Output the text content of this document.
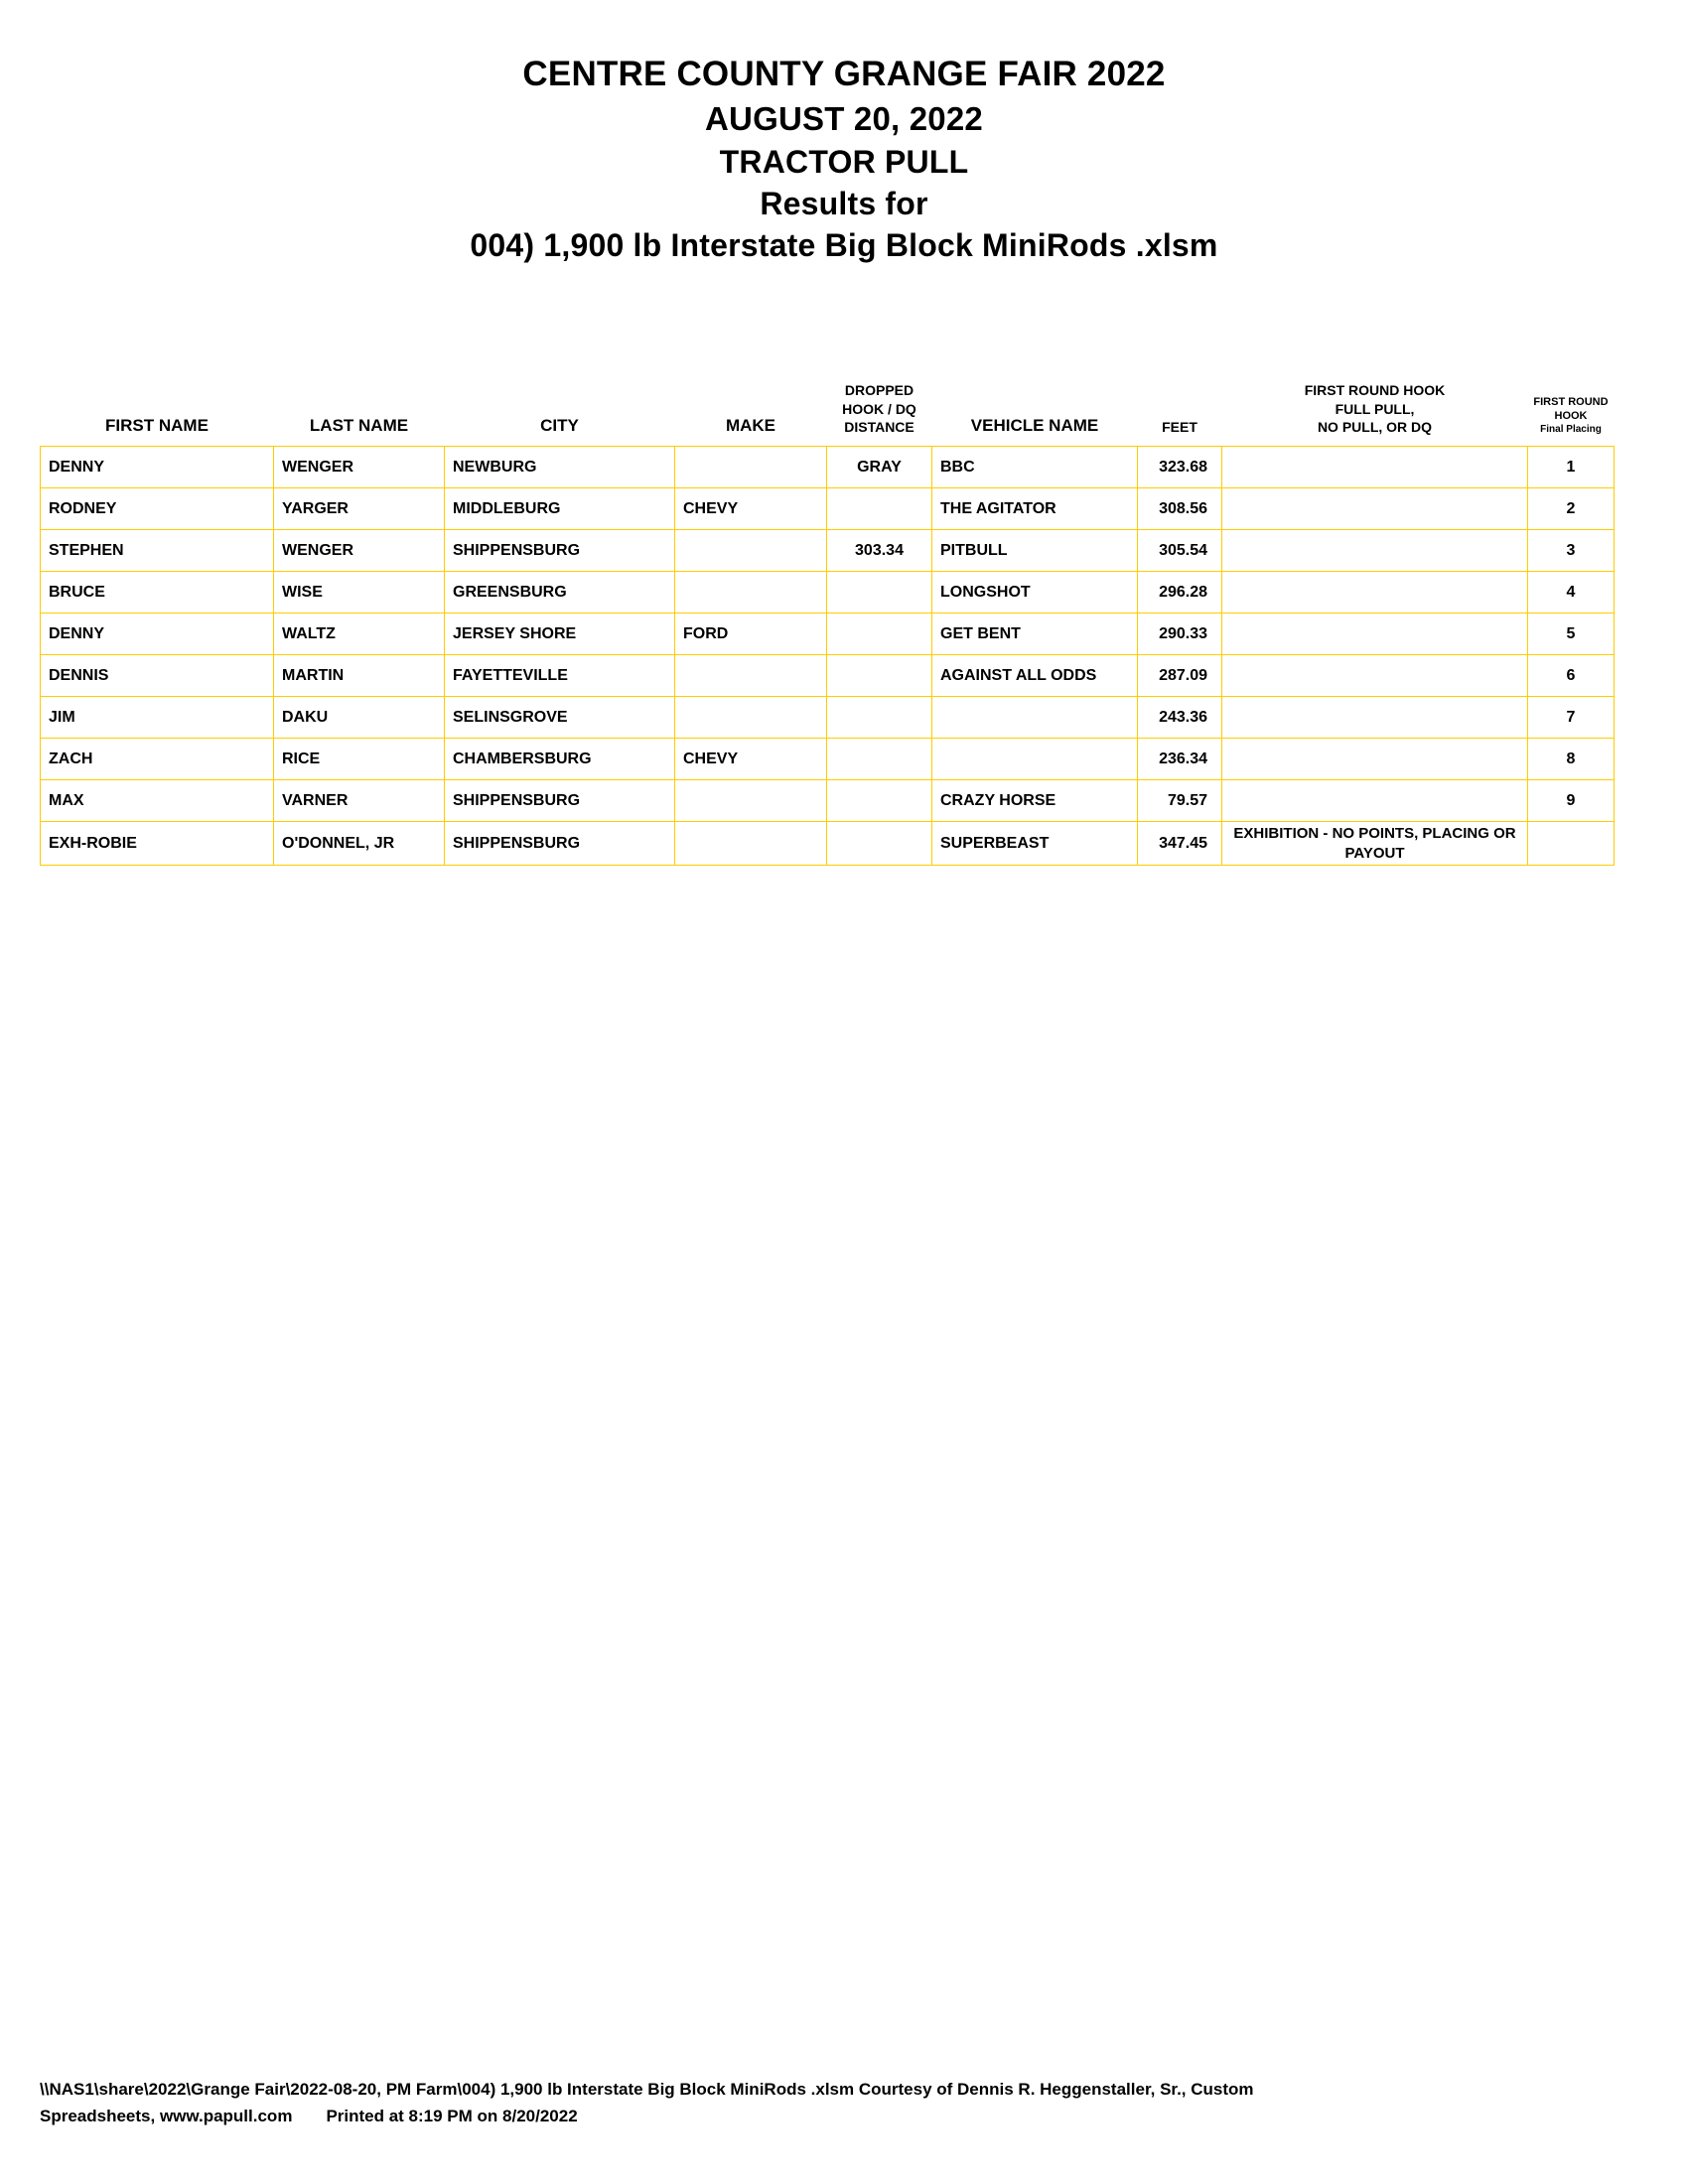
CENTRE COUNTY GRANGE FAIR 2022
AUGUST 20, 2022
TRACTOR PULL
Results for
004) 1,900 lb Interstate Big Block MiniRods .xlsm
FIRST NAME	LAST NAME	CITY	MAKE	
DROPPED
HOOK / DQ
DISTANCE	VEHICLE NAME	FEET	
FIRST ROUND HOOK
FULL PULL,
NO PULL, OR DQ

FIRST ROUND
HOOK
Final Placing

DENNY	WENGER	NEWBURG		GRAY	BBC	323.68		1
RODNEY	YARGER	MIDDLEBURG	CHEVY		THE AGITATOR	308.56		2
STEPHEN	WENGER	SHIPPENSBURG		303.34	PITBULL	305.54		3
BRUCE	WISE	GREENSBURG			LONGSHOT	296.28		4
DENNY	WALTZ	JERSEY SHORE	FORD		GET BENT	290.33		5
DENNIS	MARTIN	FAYETTEVILLE			AGAINST ALL ODDS	287.09		6
JIM	DAKU	SELINSGROVE				243.36		7
ZACH	RICE	CHAMBERSBURG	CHEVY			236.34		8
MAX	VARNER	SHIPPENSBURG			CRAZY HORSE	79.57		9
EXH-ROBIE	O'DONNEL, JR	SHIPPENSBURG			SUPERBEAST	347.45	EXHIBITION - NO POINTS, PLACING OR PAYOUT	
\\NAS1\share\2022\Grange Fair\2022-08-20, PM Farm\004) 1,900 lb Interstate Big Block MiniRods .xlsm Courtesy of Dennis R. Heggenstaller, Sr., Custom
Spreadsheets, www.papull.com Printed at 8:19 PM on 8/20/2022
